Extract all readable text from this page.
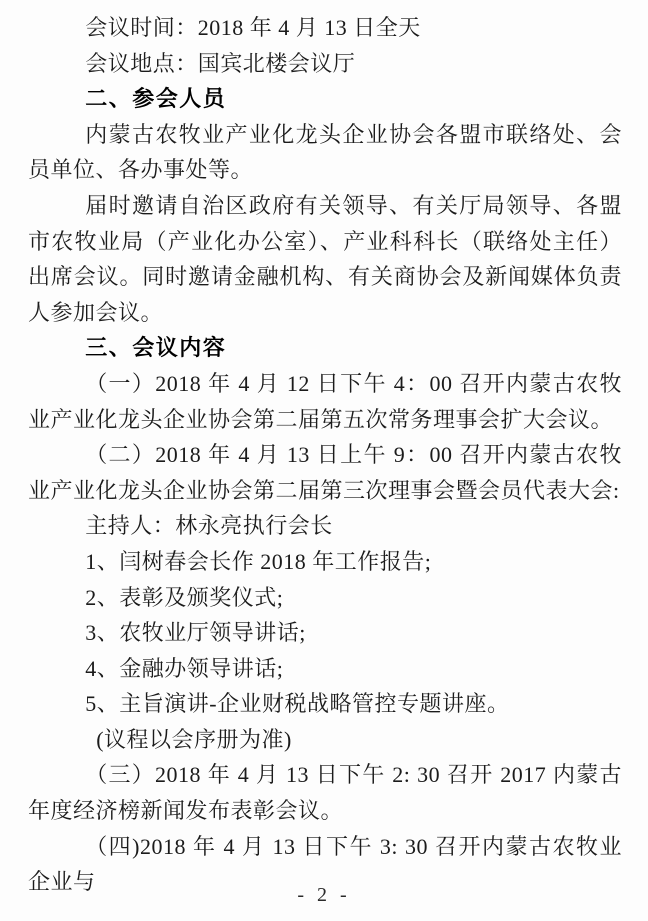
会议时间：2018 年 4 月 13 日全天

会议地点：国宾北楼会议厅

二、参会人员

内蒙古农牧业产业化龙头企业协会各盟市联络处、会员单位、各办事处等。

届时邀请自治区政府有关领导、有关厅局领导、各盟市农牧业局（产业化办公室）、产业科科长（联络处主任）出席会议。同时邀请金融机构、有关商协会及新闻媒体负责人参加会议。

三、会议内容

（一）2018 年 4 月 12 日下午 4：00 召开内蒙古农牧业产业化龙头企业协会第二届第五次常务理事会扩大会议。

（二）2018 年 4 月 13 日上午 9：00 召开内蒙古农牧业产业化龙头企业协会第二届第三次理事会暨会员代表大会:

主持人：林永亮执行会长

1、闫树春会长作 2018 年工作报告;

2、表彰及颁奖仪式;

3、农牧业厅领导讲话;

4、金融办领导讲话;

5、主旨演讲-企业财税战略管控专题讲座。

(议程以会序册为准)

（三）2018 年 4 月 13 日下午 2: 30 召开 2017 内蒙古年度经济榜新闻发布表彰会议。

（四)2018 年 4 月 13 日下午 3: 30 召开内蒙古农牧业企业与

- 2 -
